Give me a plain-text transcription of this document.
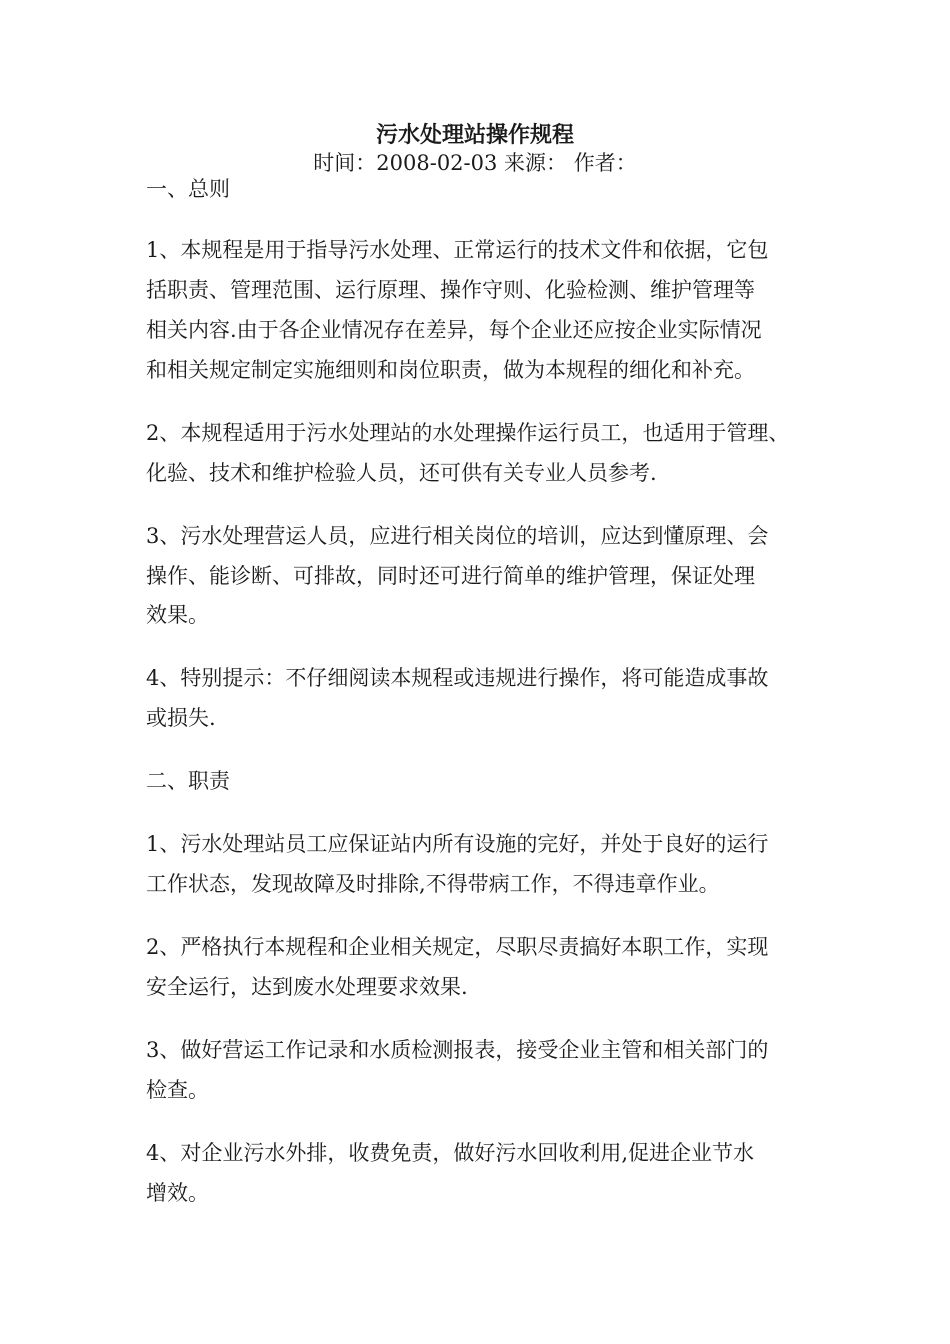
污水处理站操作规程
时间：2008-02-03 来源： 作者：
一、总则
1、本规程是用于指导污水处理、正常运行的技术文件和依据，它包
括职责、管理范围、运行原理、操作守则、化验检测、维护管理等
相关内容.由于各企业情况存在差异，每个企业还应按企业实际情况
和相关规定制定实施细则和岗位职责，做为本规程的细化和补充。
2、本规程适用于污水处理站的水处理操作运行员工，也适用于管理、
化验、技术和维护检验人员，还可供有关专业人员参考.
3、污水处理营运人员，应进行相关岗位的培训，应达到懂原理、会
操作、能诊断、可排故，同时还可进行简单的维护管理，保证处理
效果。
4、特别提示：不仔细阅读本规程或违规进行操作，将可能造成事故
或损失.
二、职责
1、污水处理站员工应保证站内所有设施的完好，并处于良好的运行
工作状态，发现故障及时排除,不得带病工作，不得违章作业。
2、严格执行本规程和企业相关规定，尽职尽责搞好本职工作，实现
安全运行，达到废水处理要求效果.
3、做好营运工作记录和水质检测报表，接受企业主管和相关部门的
检查。
4、对企业污水外排，收费免责，做好污水回收利用,促进企业节水
增效。
